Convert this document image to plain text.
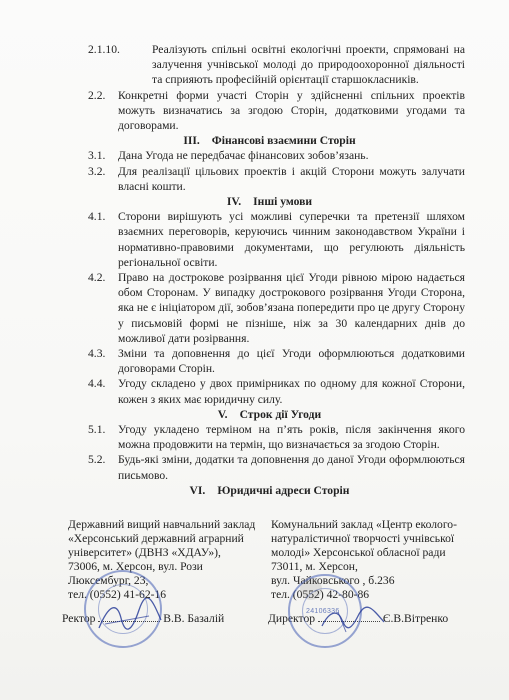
2.1.10.	Реалізують спільні освітні екологічні проекти, спрямовані на залучення учнівської молоді до природоохоронної діяльності та сприяють професійній орієнтації старшокласників.
2.2. Конкретні форми участі Сторін у здійсненні спільних проектів можуть визначатись за згодою Сторін, додатковими угодами та договорами.
III. Фінансові взаємини Сторін
3.1. Дана Угода не передбачає фінансових зобов’язань.
3.2. Для реалізації цільових проектів і акцій Сторони можуть залучати власні кошти.
IV. Інші умови
4.1. Сторони вирішують усі можливі суперечки та претензії шляхом взаємних переговорів, керуючись чинним законодавством України і нормативно-правовими документами, що регулюють діяльність регіональної освіти.
4.2. Право на дострокове розірвання цієї Угоди рівною мірою надається обом Сторонам. У випадку дострокового розірвання Угоди Сторона, яка не є ініціатором дії, зобов’язана попередити про це другу Сторону у письмовій формі не пізніше, ніж за 30 календарних днів до можливої дати розірвання.
4.3. Зміни та доповнення до цієї Угоди оформлюються додатковими договорами Сторін.
4.4. Угоду складено у двох примірниках по одному для кожної Сторони, кожен з яких має юридичну силу.
V. Строк дії Угоди
5.1. Угоду укладено терміном на п’ять років, після закінчення якого можна продовжити на термін, що визначається за згодою Сторін.
5.2. Будь-які зміни, додатки та доповнення до даної Угоди оформлюються письмово.
VI. Юридичні адреси Сторін
Державний вищий навчальний заклад
«Херсонський державний аграрний
університет» (ДВНЗ «ХДАУ»),
73006, м. Херсон, вул. Рози
Люксембург, 23,
тел. (0552) 41-62-16
Комунальний заклад «Центр еколого-
натуралістичної творчості учнівської
молоді» Херсонської обласної ради
73011, м. Херсон,
вул. Чайковського , б.236
тел. (0552) 42-80-86
Ректор	В.В. Базалій	Директор	Є.В.Вітренко
24106336
